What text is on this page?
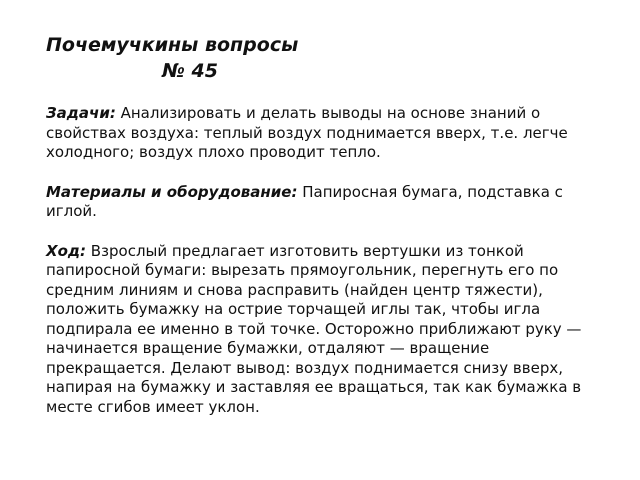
Почемучкины вопросы

№ 45

Задачи: Анализировать и делать выводы на основе знаний о свойствах воздуха: теплый воздух поднимается вверх, т.е. легче холодного; воздух плохо проводит тепло.

Материалы и оборудование: Папиросная бумага, подставка с иглой.

Ход: Взрослый предлагает изготовить вертушки из тонкой папиросной бумаги: вырезать прямоугольник, перегнуть его по средним линиям и снова расправить (найден центр тяжести), положить бумажку на острие торчащей иглы так, чтобы игла подпирала ее именно в той точке. Осторожно приближают руку — начинается вращение бумажки, отдаляют — вращение прекращается. Делают вывод: воздух поднимается снизу вверх, напирая на бумажку и заставляя ее вращаться, так как бумажка в месте сгибов имеет уклон.
